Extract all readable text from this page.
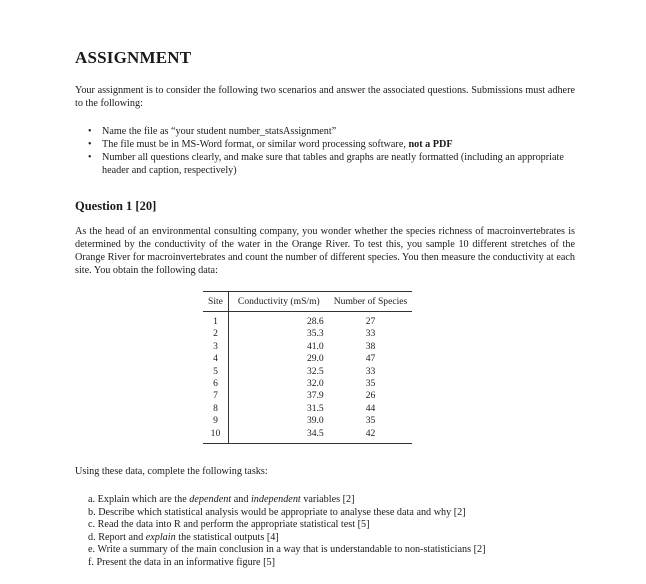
ASSIGNMENT

Your assignment is to consider the following two scenarios and answer the associated questions. Submissions must adhere to the following:

• Name the file as “your student number_statsAssignment”
• The file must be in MS-Word format, or similar word processing software, not a PDF
• Number all questions clearly, and make sure that tables and graphs are neatly formatted (including an appropriate header and caption, respectively)
Question 1 [20]

As the head of an environmental consulting company, you wonder whether the species richness of macroinvertebrates is determined by the conductivity of the water in the Orange River. To test this, you sample 10 different stretches of the Orange River for macroinvertebrates and count the number of different species. You then measure the conductivity at each site. You obtain the following data:

Site	Conductivity (mS/m)	Number of Species
1	28.6	27
2	35.3	33
3	41.0	38
4	29.0	47
5	32.5	33
6	32.0	35
7	37.9	26
8	31.5	44
9	39.0	35
10	34.5	42

Using these data, complete the following tasks:

a. Explain which are the dependent and independent variables [2]
b. Describe which statistical analysis would be appropriate to analyse these data and why [2]
c. Read the data into R and perform the appropriate statistical test [5]
d. Report and explain the statistical outputs [4]
e. Write a summary of the main conclusion in a way that is understandable to non-statisticians [2]
f. Present the data in an informative figure [5]
